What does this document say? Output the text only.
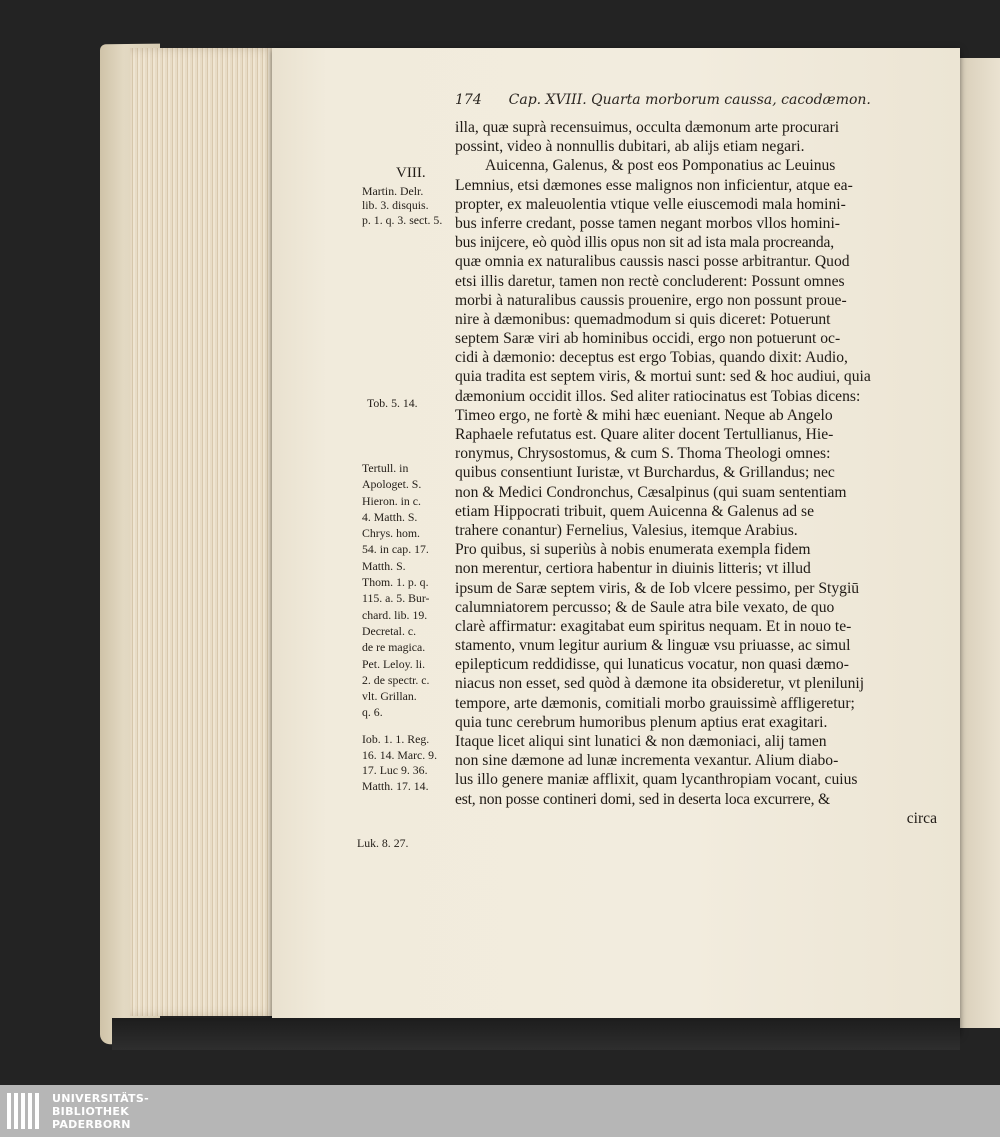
174 Cap. XVIII. Quarta morborum caussa, cacodæmon.
illa, quæ suprà recensuimus, occulta dæmonum arte procurari
possint, video à nonnullis dubitari, ab alijs etiam negari.
Auicenna, Galenus, & post eos Pomponatius ac Leuinus
Lemnius, etsi dæmones esse malignos non inficientur, atque ea-
propter, ex maleuolentia vtique velle eiuscemodi mala homini-
bus inferre credant, posse tamen negant morbos vllos homini-
bus inijcere, eò quòd illis opus non sit ad ista mala procreanda,
quæ omnia ex naturalibus caussis nasci posse arbitrantur. Quod
etsi illis daretur, tamen non rectè concluderent: Possunt omnes
morbi à naturalibus caussis prouenire, ergo non possunt proue-
nire à dæmonibus: quemadmodum si quis diceret: Potuerunt
septem Saræ viri ab hominibus occidi, ergo non potuerunt oc-
cidi à dæmonio: deceptus est ergo Tobias, quando dixit: Audio,
quia tradita est septem viris, & mortui sunt: sed & hoc audiui, quia
dæmonium occidit illos. Sed aliter ratiocinatus est Tobias dicens:
Timeo ergo, ne fortè & mihi hæc eueniant. Neque ab Angelo
Raphaele refutatus est. Quare aliter docent Tertullianus, Hie-
ronymus, Chrysostomus, & cum S. Thoma Theologi omnes:
quibus consentiunt Iuristæ, vt Burchardus, & Grillandus; nec
non & Medici Condronchus, Cæsalpinus (qui suam sententiam
etiam Hippocrati tribuit, quem Auicenna & Galenus ad se
trahere conantur) Fernelius, Valesius, itemque Arabius.
Pro quibus, si superiùs à nobis enumerata exempla fidem
non merentur, certiora habentur in diuinis litteris; vt illud
ipsum de Saræ septem viris, & de Iob vlcere pessimo, per Stygiū
calumniatorem percusso; & de Saule atra bile vexato, de quo
clarè affirmatur: exagitabat eum spiritus nequam. Et in nouo te-
stamento, vnum legitur aurium & linguæ vsu priuasse, ac simul
epilepticum reddidisse, qui lunaticus vocatur, non quasi dæmo-
niacus non esset, sed quòd à dæmone ita obsideretur, vt plenilunij
tempore, arte dæmonis, comitiali morbo grauissimè affligeretur;
quia tunc cerebrum humoribus plenum aptius erat exagitari.
Itaque licet aliqui sint lunatici & non dæmoniaci, alij tamen
non sine dæmone ad lunæ incrementa vexantur. Alium diabo-
lus illo genere maniæ afflixit, quam lycanthropiam vocant, cuius
est, non posse contineri domi, sed in deserta loca excurrere, &
circa
VIII.
Martin. Delr.
lib. 3. disquis.
p. 1. q. 3. sect. 5.
Tob. 5. 14.
Tertull. in
Apologet. S.
Hieron. in c.
4. Matth. S.
Chrys. hom.
54. in cap. 17.
Matth. S.
Thom. 1. p. q.
115. a. 5. Bur-
chard. lib. 19.
Decretal. c.
de re magica.
Pet. Leloy. li.
2. de spectr. c.
vlt. Grillan.
q. 6.
Iob. 1. 1. Reg.
16. 14. Marc. 9.
17. Luc 9. 36.
Matth. 17. 14.
Luk. 8. 27.
UNIVERSITÄTS-
BIBLIOTHEK
PADERBORN
